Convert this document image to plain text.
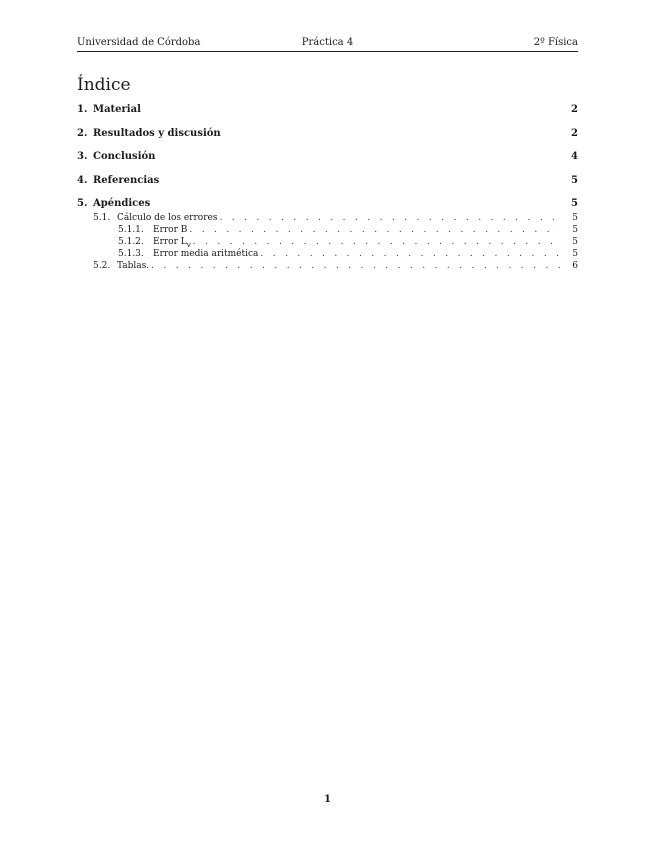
Universidad de Córdoba	Práctica 4	2º Física
Índice
1. Material	2
2. Resultados y discusión	2
3. Conclusión	4
4. Referencias	5
5. Apéndices	5
5.1. Cálculo de los errores . . .	5
5.1.1.	Error B . . .	5
5.1.2.	Error $L_v$ . . .	5
5.1.3.	Error media aritmética . . .	5
5.2. Tablas. . . .	6
1
